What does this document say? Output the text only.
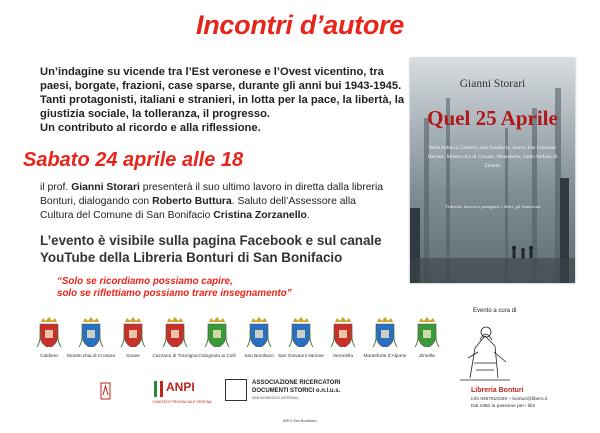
Incontri d’autore
Un’indagine su vicende tra l’Est veronese e l’Ovest vicentino, tra
paesi, borgate, frazioni, case sparse, durante gli anni bui 1943-1945.
Tanti protagonisti, italiani e stranieri, in lotta per la pace, la libertà, la
giustizia sociale, la tolleranza, il progresso.
Un contributo al ricordo e alla riflessione.
Sabato 24 aprile alle 18
il prof. Gianni Storari presenterà il suo ultimo lavoro in diretta dalla libreria
Bonturi, dialogando con Roberto Buttura. Saluto dell’Assessore alla
Cultura del Comune di San Bonifacio Cristina Zorzanello.
L’evento è visibile sulla pagina Facebook e sul canale
YouTube della Libreria Bonturi di San Bonifacio
“Solo se ricordiamo possiamo capire,
solo se riflettiamo possiamo trarre insegnamento”
Gianni Storari
Quel 25 Aprile
Nella bufera a Caldiero, San Bonifacio, Soave, San Giovanni Ilarione, Montecchia di Crosara, Montebello, Santo Stefano di Zimella
Tedeschi, fascisti e partigiani, i liberi, gli Americani
Caldiero Montecchia di Crosara Soave	Cazzano di Tramigna Colognola ai Colli San Bonifacio San Giovanni Ilarione Veronella Monteforte d’Alpone	Zimella
ANPI
COMITATO PROVINCIALE VERONA
ASSOCIAZIONE RICERCATORI
DOCUMENTI STORICI o.n.l.u.s.
SAN BONIFACIO (VERONA)
ARCI San Bonifacio
Evento a cura di
Libreria Bonturi
Info 0457610339 – bonturi@libero.it
Dal 1950 la passione per i libri
